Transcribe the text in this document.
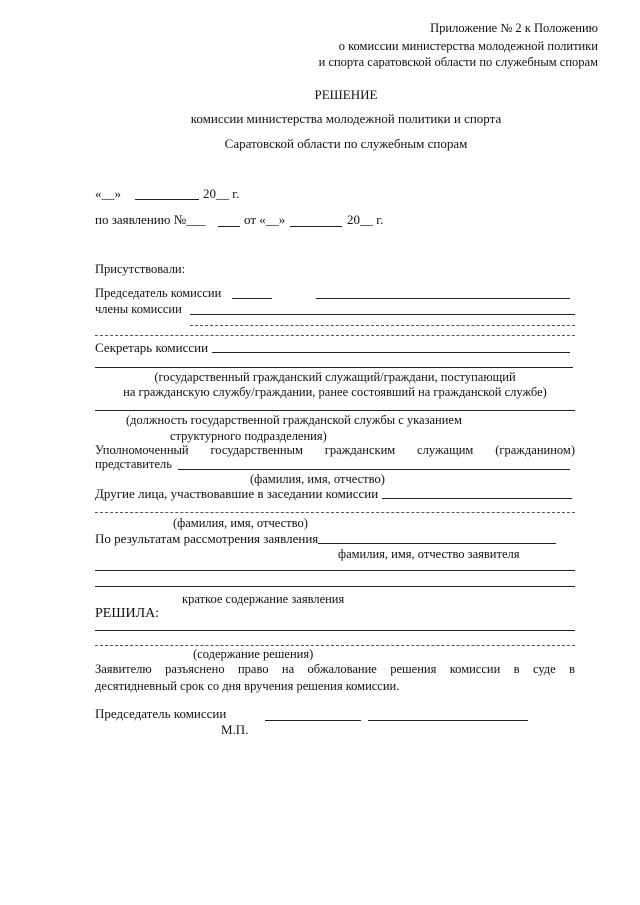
Приложение № 2 к Положению
о комиссии министерства молодежной политики
и спорта саратовской области по служебным спорам
РЕШЕНИЕ
комиссии министерства молодежной политики и спорта
Саратовской области по служебным спорам
«__»	20__ г.
по заявлению №___	от «__»	20__ г.
Присутствовали:
Председатель комиссии
члены комиссии
Секретарь комиссии
(государственный гражданский служащий/граждани, поступающий
на гражданскую службу/граждании, ранее состоявший на гражданской службе)
(должность государственной гражданской службы с указанием
структурного подразделения)
Уполномоченный государственным гражданским служащим (гражданином)
представитель
(фамилия, имя, отчество)
Другие лица, участвовавшие в заседании комиссии
(фамилия, имя, отчество)
По результатам рассмотрения заявления
фамилия, имя, отчество заявителя
краткое содержание заявления
РЕШИЛА:
(содержание решения)
Заявителю разъяснено право на обжалование решения комиссии в суде в
десятидневный срок со дня вручения решения комиссии.
Председатель комиссии
М.П.
